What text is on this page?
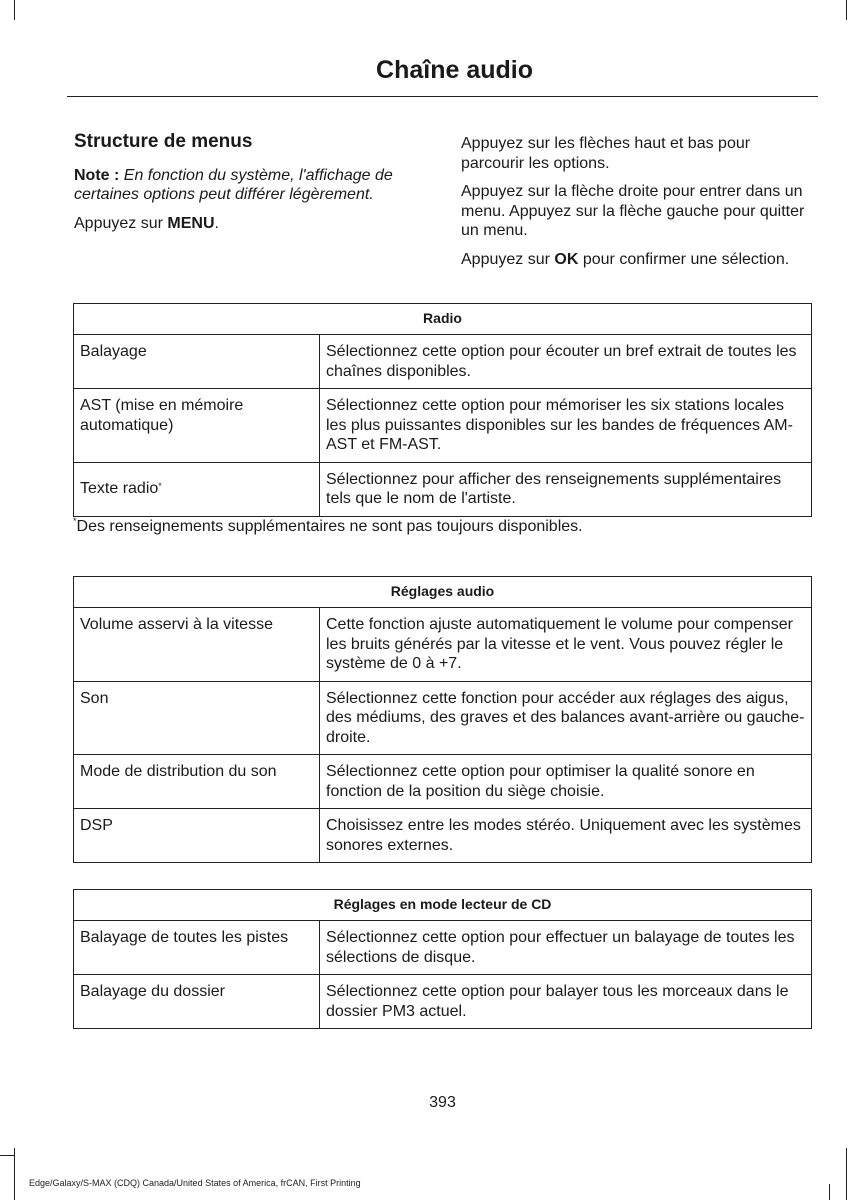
Chaîne audio
Structure de menus

Note : En fonction du système, l'affichage de certaines options peut différer légèrement.

Appuyez sur MENU.

Appuyez sur les flèches haut et bas pour parcourir les options.

Appuyez sur la flèche droite pour entrer dans un menu. Appuyez sur la flèche gauche pour quitter un menu.

Appuyez sur OK pour confirmer une sélection.

Radio	
Balayage	Sélectionnez cette option pour écouter un bref extrait de toutes les chaînes disponibles.
AST (mise en mémoire automatique)	Sélectionnez cette option pour mémoriser les six stations locales les plus puissantes disponibles sur les bandes de fréquences AM-AST et FM-AST.
Texte radio*	Sélectionnez pour afficher des renseignements supplémentaires tels que le nom de l'artiste.
*Des renseignements supplémentaires ne sont pas toujours disponibles.
Réglages audio	
Volume asservi à la vitesse	Cette fonction ajuste automatiquement le volume pour compenser les bruits générés par la vitesse et le vent. Vous pouvez régler le système de 0 à +7.
Son	Sélectionnez cette fonction pour accéder aux réglages des aigus, des médiums, des graves et des balances avant-arrière ou gauche-droite.
Mode de distribution du son	Sélectionnez cette option pour optimiser la qualité sonore en fonction de la position du siège choisie.
DSP	Choisissez entre les modes stéréo. Uniquement avec les systèmes sonores externes.
Réglages en mode lecteur de CD	
Balayage de toutes les pistes	Sélectionnez cette option pour effectuer un balayage de toutes les sélections de disque.
Balayage du dossier	Sélectionnez cette option pour balayer tous les morceaux dans le dossier PM3 actuel.
393
Edge/Galaxy/S-MAX (CDQ) Canada/United States of America, frCAN, First Printing
